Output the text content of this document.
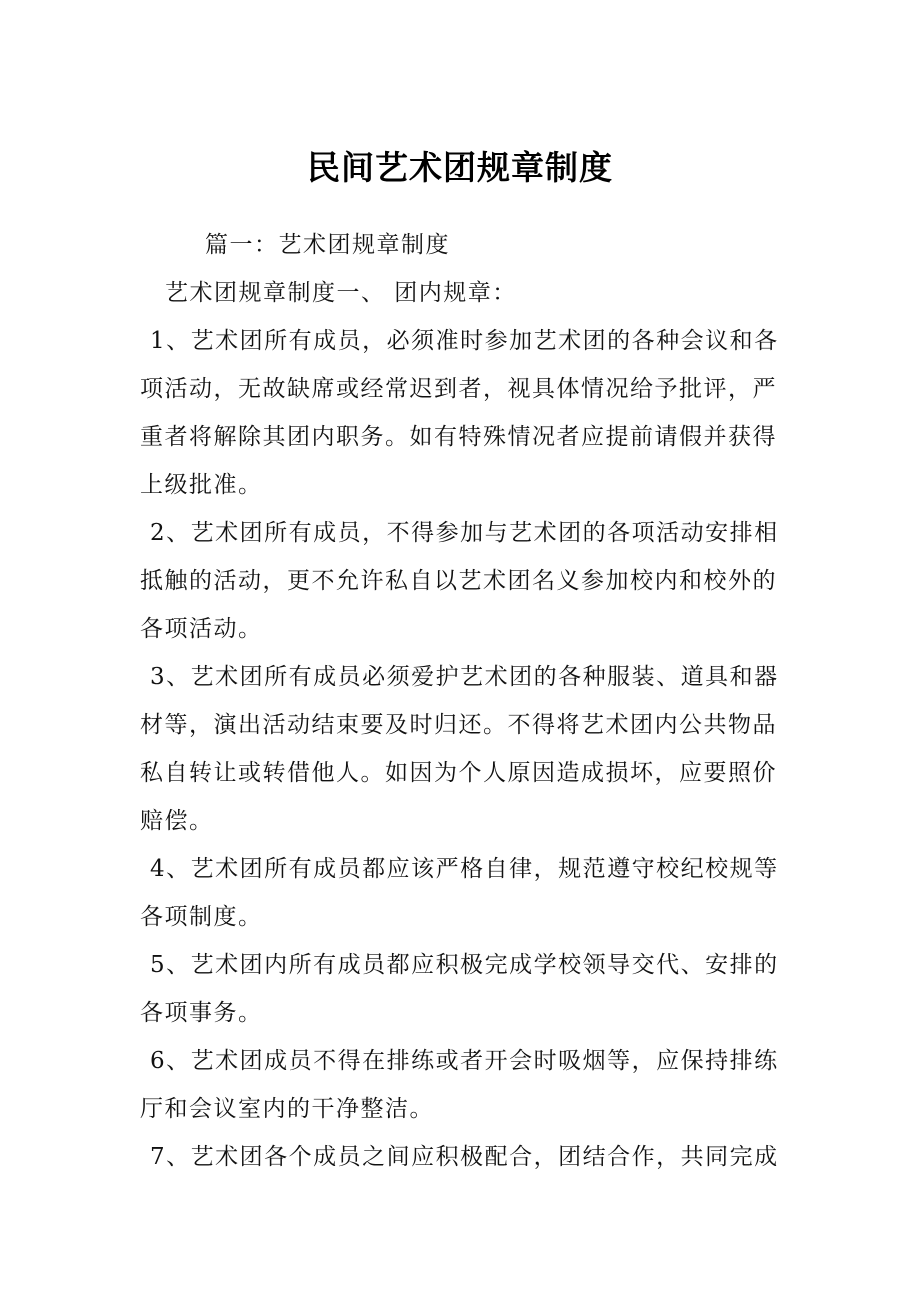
民间艺术团规章制度
篇一：艺术团规章制度
艺术团规章制度一、 团内规章：
1、艺术团所有成员，必须准时参加艺术团的各种会议和各
项活动，无故缺席或经常迟到者，视具体情况给予批评，严
重者将解除其团内职务。如有特殊情况者应提前请假并获得
上级批准。
2、艺术团所有成员，不得参加与艺术团的各项活动安排相
抵触的活动，更不允许私自以艺术团名义参加校内和校外的
各项活动。
3、艺术团所有成员必须爱护艺术团的各种服装、道具和器
材等，演出活动结束要及时归还。不得将艺术团内公共物品
私自转让或转借他人。如因为个人原因造成损坏，应要照价
赔偿。
4、艺术团所有成员都应该严格自律，规范遵守校纪校规等
各项制度。
5、艺术团内所有成员都应积极完成学校领导交代、安排的
各项事务。
6、艺术团成员不得在排练或者开会时吸烟等，应保持排练
厅和会议室内的干净整洁。
7、艺术团各个成员之间应积极配合，团结合作，共同完成
